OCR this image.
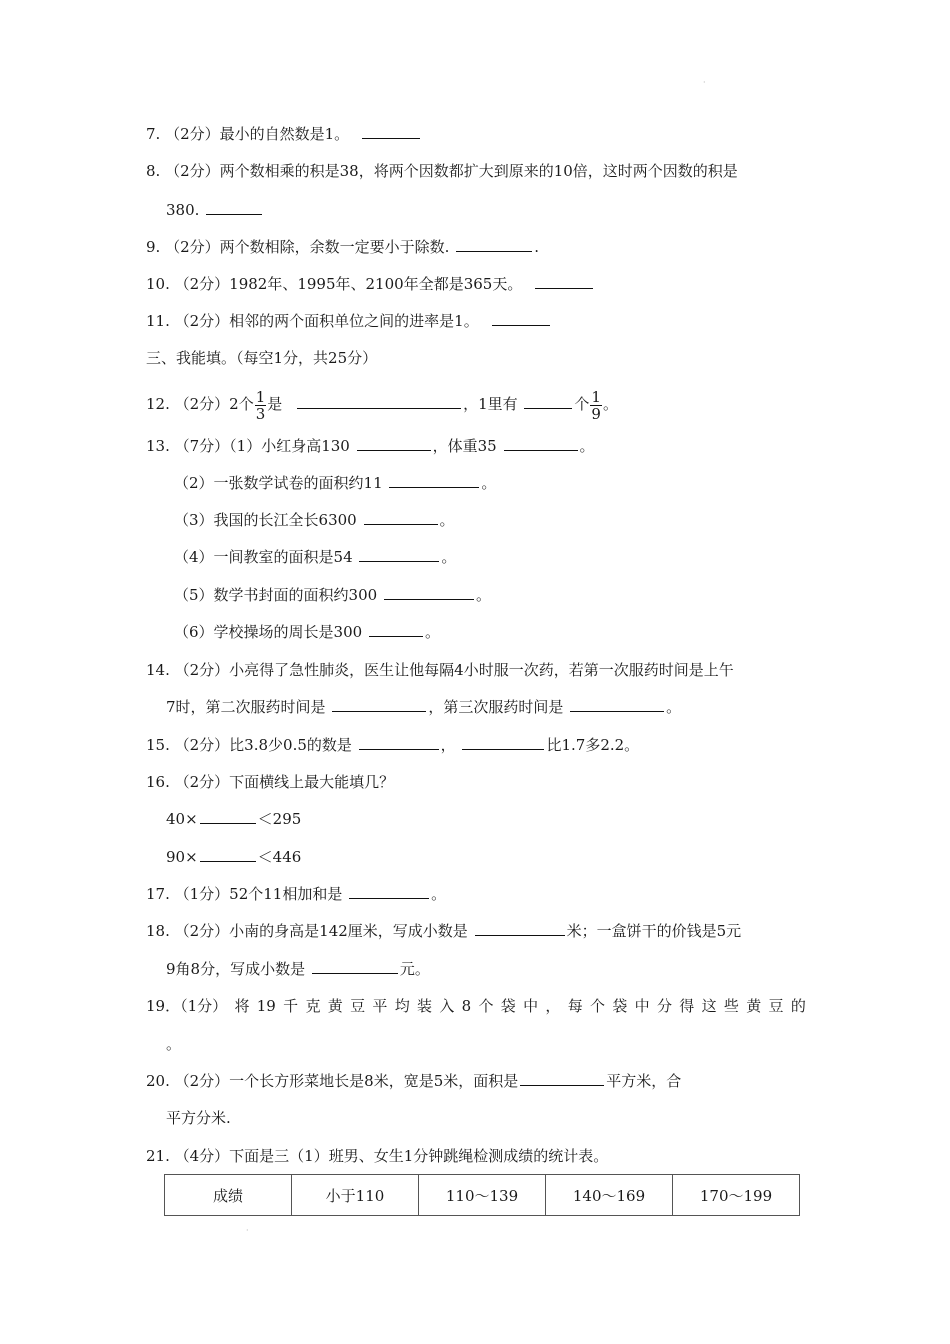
·
7. （2分）最小的自然数是1。
8. （2分）两个数相乘的积是38，将两个因数都扩大到原来的10倍，这时两个因数的积是
380.
9. （2分）两个数相除，余数一定要小于除数.	.
10. （2分）1982年、1995年、2100年全都是365天。
11. （2分）相邻的两个面积单位之间的进率是1。
三、我能填。（每空1分，共25分）
12. （2分）2个 $\frac{1}{3}$ 是	，1里有	个 $\frac{1}{9}$ 。
13. （7分）（1）小红身高130	，体重35	。
（2）一张数学试卷的面积约11	。
（3）我国的长江全长6300	。
（4）一间教室的面积是54	。
（5）数学书封面的面积约300	。
（6）学校操场的周长是300	。
14. （2分）小亮得了急性肺炎，医生让他每隔4小时服一次药，若第一次服药时间是上午
7时，第二次服药时间是	，第三次服药时间是	。
15. （2分）比3.8少0.5的数是	，	比1.7多2.2。
16. （2分）下面横线上最大能填几？
40×	＜295
90×	＜446
17. （1分）52个11相加和是	。
18. （2分）小南的身高是142厘米，写成小数是	米；一盒饼干的价钱是5元
9角8分，写成小数是	元。
19．（1分） 将 19 千 克 黄 豆 平 均 装 入 8 个 袋 中 ， 每 个 袋 中 分 得 这 些 黄 豆 的
。
20. （2分）一个长方形菜地长是8米，宽是5米，面积是	平方米，合
平方分米.
21. （4分）下面是三（1）班男、女生1分钟跳绳检测成绩的统计表。
成绩	小于110	110～139	140～169	170～199
·
